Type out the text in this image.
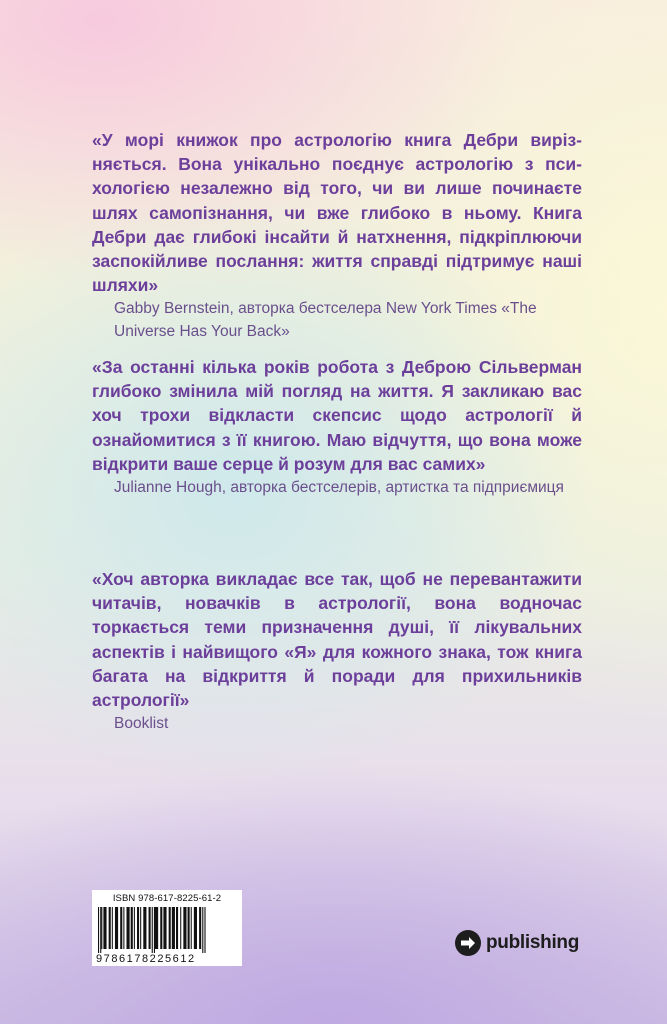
«У морі книжок про астрологію книга Дебри вирізняється. Вона унікально поєднує астрологію з психологією незалежно від того, чи ви лише починаєте шлях самопізнання, чи вже глибоко в ньому. Книга Дебри дає глибокі інсайти й натхнення, підкріплюючи заспокійливе послання: життя справді підтримує наші шляхи»

Gabby Bernstein, авторка бестселера New York Times «The Universe Has Your Back»

«За останні кілька років робота з Деброю Сільверман глибоко змінила мій погляд на життя. Я закликаю вас хоч трохи відкласти скепсис щодо астрології й ознайомитися з її книгою. Маю відчуття, що вона може відкрити ваше серце й розум для вас самих»

Julianne Hough, авторка бестселерів, артистка та підприємиця

«Хоч авторка викладає все так, щоб не перевантажити читачів, новачків в астрології, вона водночас торкається теми призначення душі, її лікувальних аспектів і найвищого «Я» для кожного знака, тож книга багата на відкриття й поради для прихильників астрології»

Booklist

ISBN 978-617-8225-61-2
9786178225612
publishing
